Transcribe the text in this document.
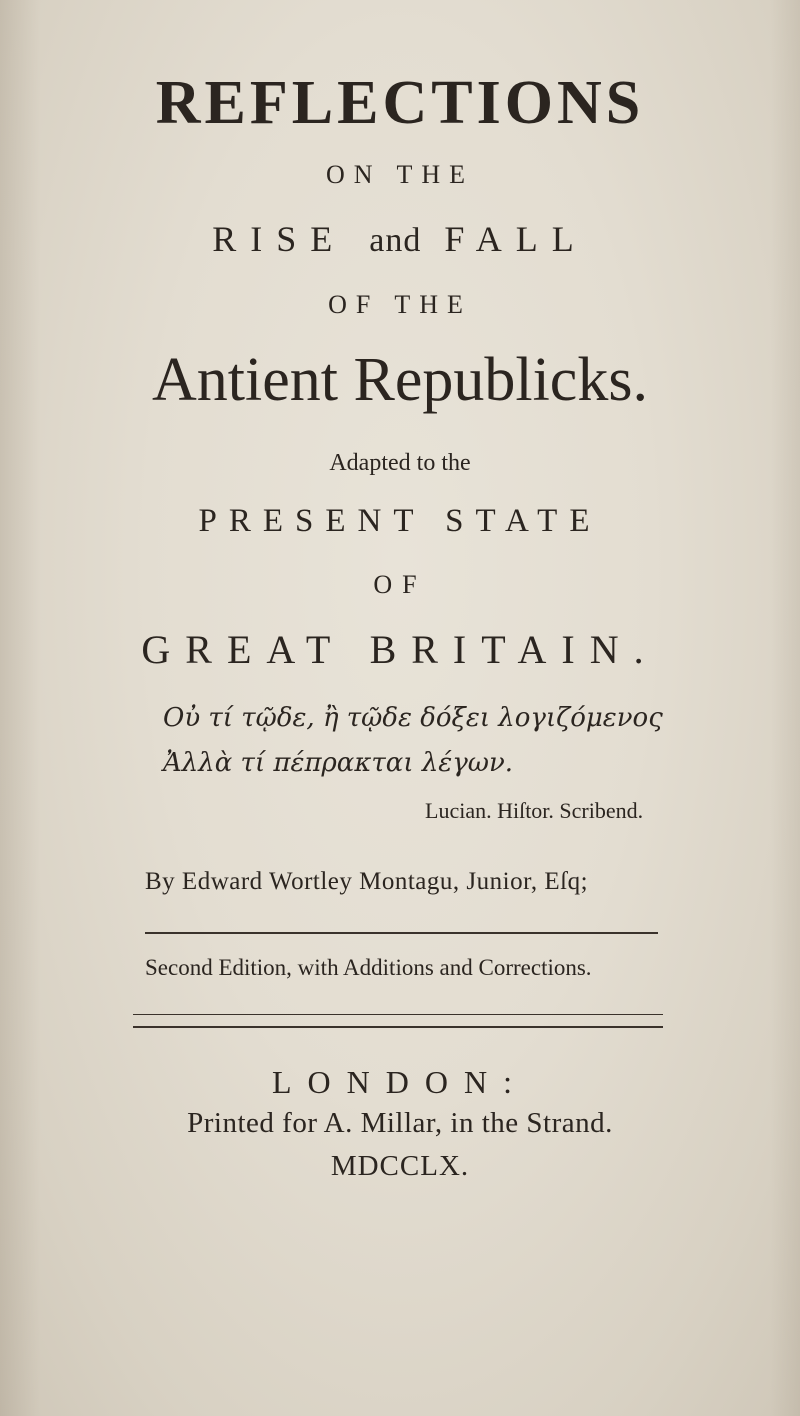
REFLECTIONS
ON THE
RISE and FALL
OF THE
Antient Republicks.
Adapted to the
PRESENT STATE
OF
GREAT BRITAIN.
Οὐ τί τῷδε, ἢ τῷδε δόξει λογιζόμενος
Ἀλλὰ τί πέπρακται λέγων.
Lucian. Hiſtor. Scribend.
By Edward Wortley Montagu, Junior, Eſq;
Second Edition, with Additions and Corrections.
LONDON:
Printed for A. Millar, in the Strand.
MDCCLX.
